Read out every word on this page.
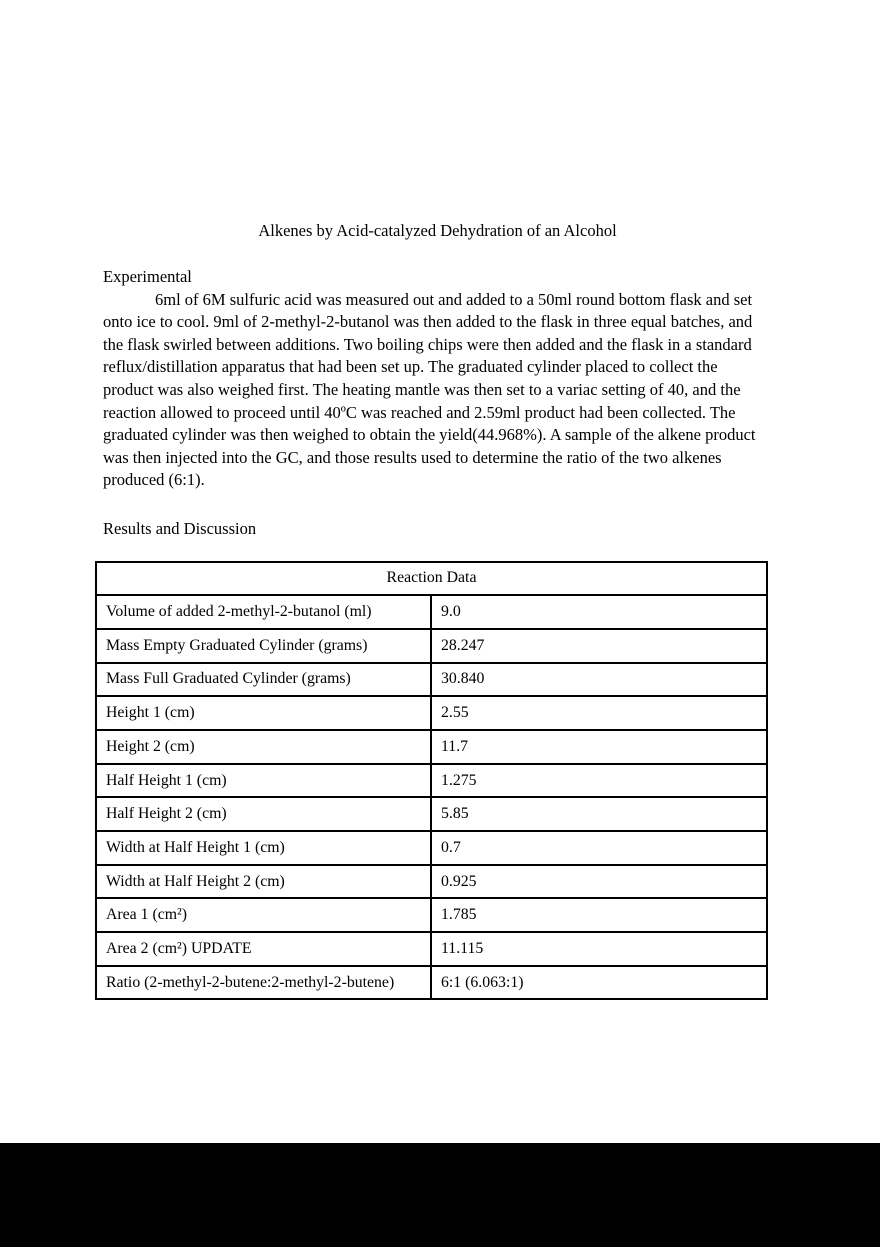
Alkenes by Acid-catalyzed Dehydration of an Alcohol
Experimental

6ml of 6M sulfuric acid was measured out and added to a 50ml round bottom flask and set onto ice to cool. 9ml of 2-methyl-2-butanol was then added to the flask in three equal batches, and the flask swirled between additions. Two boiling chips were then added and the flask in a standard reflux/distillation apparatus that had been set up. The graduated cylinder placed to collect the product was also weighed first. The heating mantle was then set to a variac setting of 40, and the reaction allowed to proceed until 40ºC was reached and 2.59ml product had been collected. The graduated cylinder was then weighed to obtain the yield(44.968%). A sample of the alkene product was then injected into the GC, and those results used to determine the ratio of the two alkenes produced (6:1).

Results and Discussion
Reaction Data	
Volume of added 2-methyl-2-butanol (ml)	9.0
Mass Empty Graduated Cylinder (grams)	28.247
Mass Full Graduated Cylinder (grams)	30.840
Height 1 (cm)	2.55
Height 2 (cm)	11.7
Half Height 1 (cm)	1.275
Half Height 2 (cm)	5.85
Width at Half Height 1 (cm)	0.7
Width at Half Height 2 (cm)	0.925
Area 1 (cm²)	1.785
Area 2 (cm²) UPDATE	11.115
Ratio (2-methyl-2-butene:2-methyl-2-butene)	6:1 (6.063:1)
